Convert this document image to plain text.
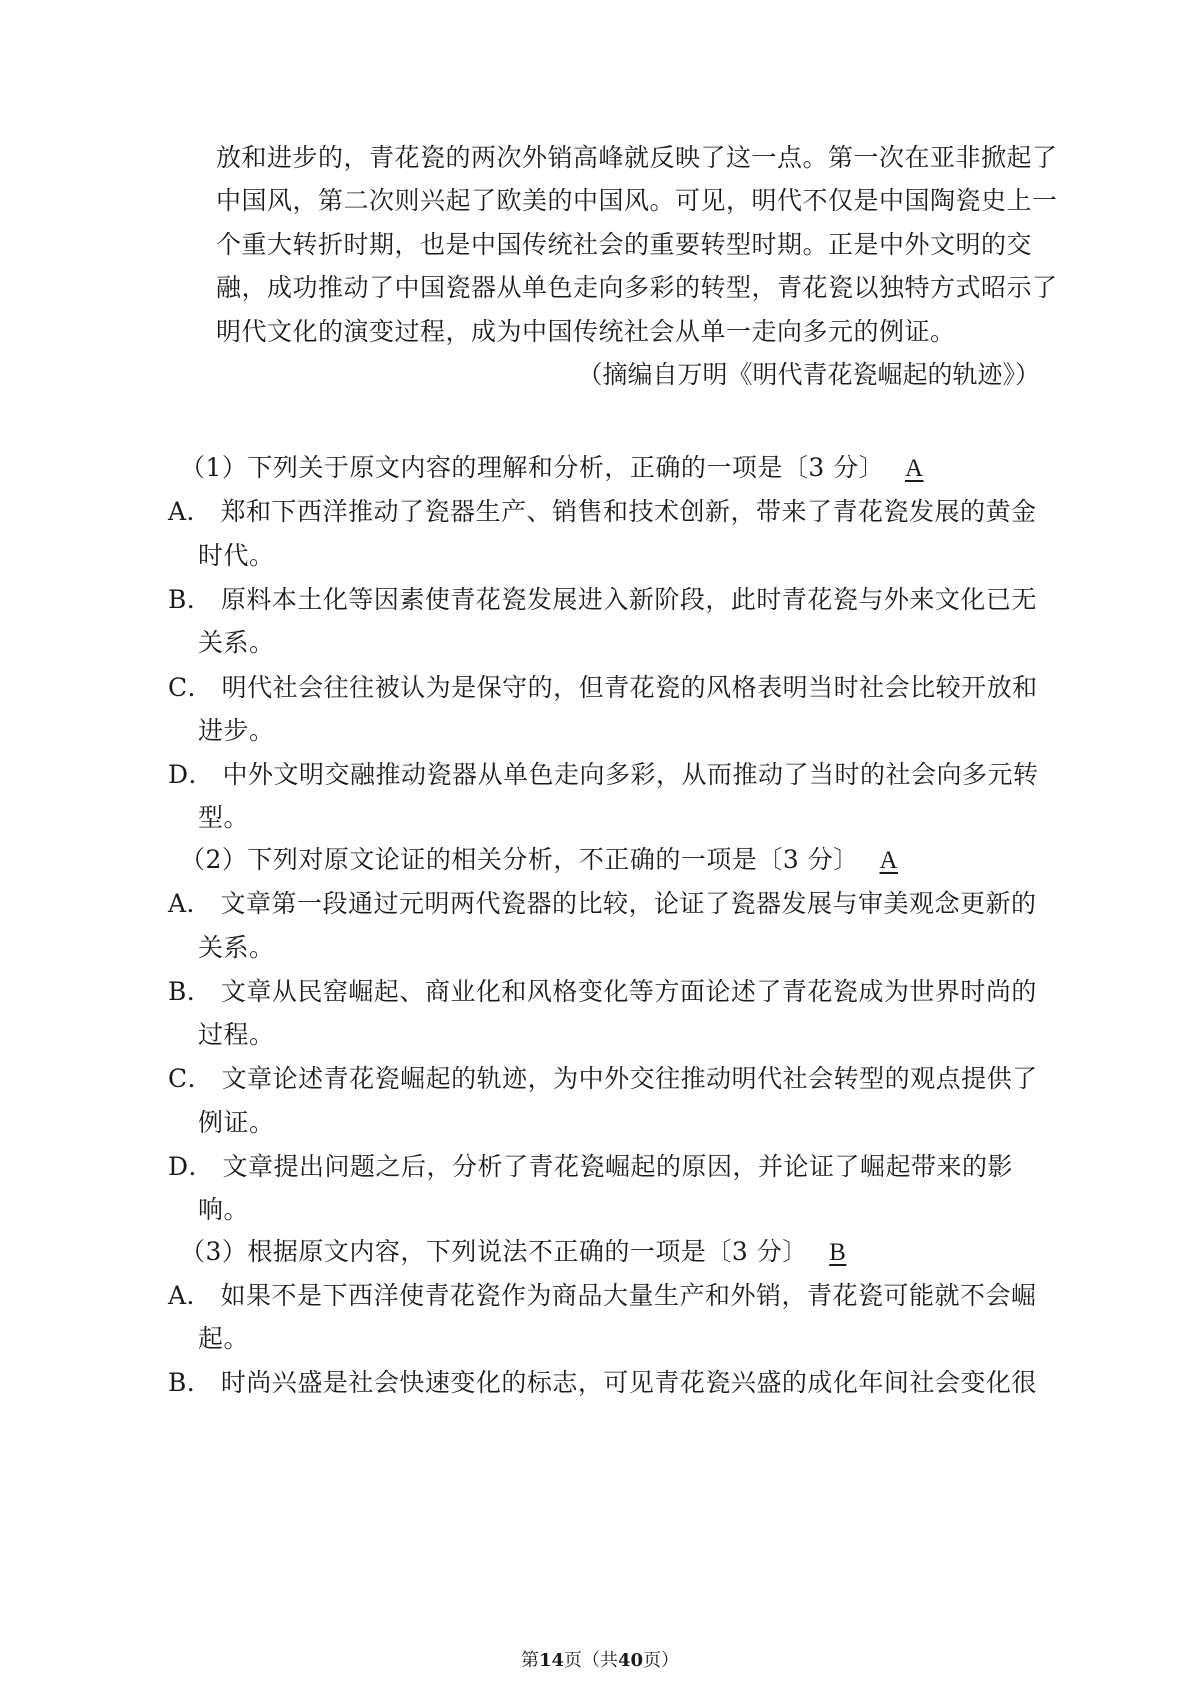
放和进步的，青花瓷的两次外销高峰就反映了这一点。第一次在亚非掀起了
中国风，第二次则兴起了欧美的中国风。可见，明代不仅是中国陶瓷史上一
个重大转折时期，也是中国传统社会的重要转型时期。正是中外文明的交
融，成功推动了中国瓷器从单色走向多彩的转型，青花瓷以独特方式昭示了
明代文化的演变过程，成为中国传统社会从单一走向多元的例证。
（摘编自万明《明代青花瓷崛起的轨迹》）
（1）下列关于原文内容的理解和分析，正确的一项是〔3 分〕 A
A． 郑和下西洋推动了瓷器生产、销售和技术创新，带来了青花瓷发展的黄金
时代。
B． 原料本土化等因素使青花瓷发展进入新阶段，此时青花瓷与外来文化已无
关系。
C． 明代社会往往被认为是保守的，但青花瓷的风格表明当时社会比较开放和
进步。
D． 中外文明交融推动瓷器从单色走向多彩，从而推动了当时的社会向多元转
型。
（2）下列对原文论证的相关分析，不正确的一项是〔3 分〕 A
A． 文章第一段通过元明两代瓷器的比较，论证了瓷器发展与审美观念更新的
关系。
B． 文章从民窑崛起、商业化和风格变化等方面论述了青花瓷成为世界时尚的
过程。
C． 文章论述青花瓷崛起的轨迹，为中外交往推动明代社会转型的观点提供了
例证。
D． 文章提出问题之后，分析了青花瓷崛起的原因，并论证了崛起带来的影
响。
（3）根据原文内容，下列说法不正确的一项是〔3 分〕 B
A． 如果不是下西洋使青花瓷作为商品大量生产和外销，青花瓷可能就不会崛
起。
B． 时尚兴盛是社会快速变化的标志，可见青花瓷兴盛的成化年间社会变化很
第14页（共40页）
